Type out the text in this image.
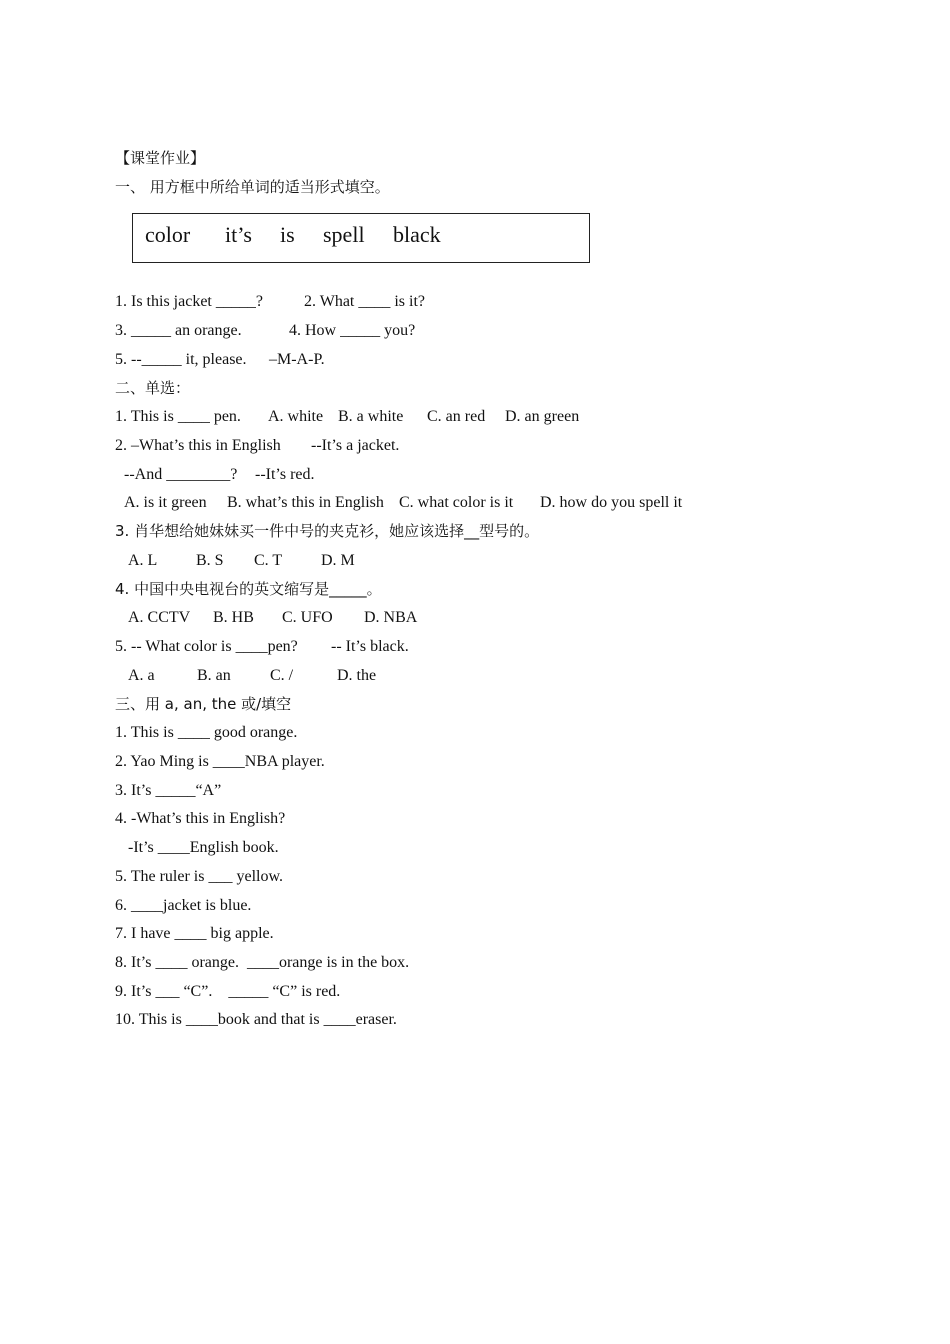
【课堂作业】
一、 用方框中所给单词的适当形式填空。
color it’s is spell black
1. Is this jacket _____?	2. What ____ is it?
3. _____ an orange.	4. How _____ you?
5. --_____ it, please. –M-A-P.
二、单选：
1. This is ____ pen. A. white B. a white C. an red D. an green
2. –What’s this in English --It’s a jacket.
--And ________? --It’s red.
A. is it green B. what’s this in English C. what color is it D. how do you spell it
3. 肖华想给她妹妹买一件中号的夹克衫，她应该选择__型号的。
A. L B. S C. T D. M
4. 中国中央电视台的英文缩写是_____。
A. CCTV B. HB C. UFO D. NBA
5. -- What color is ____pen? -- It’s black.
A. a	B. an C. /	D. the
三、用 a, an, the 或/填空
1. This is ____ good orange.
2. Yao Ming is ____NBA player.
3. It’s _____“A”
4. -What’s this in English?
-It’s ____English book.
5. The ruler is ___ yellow.
6. ____jacket is blue.
7. I have ____ big apple.
8. It’s ____ orange.  ____orange is in the box.
9. It’s ___ “C”.    _____ “C” is red.
10. This is ____book and that is ____eraser.
